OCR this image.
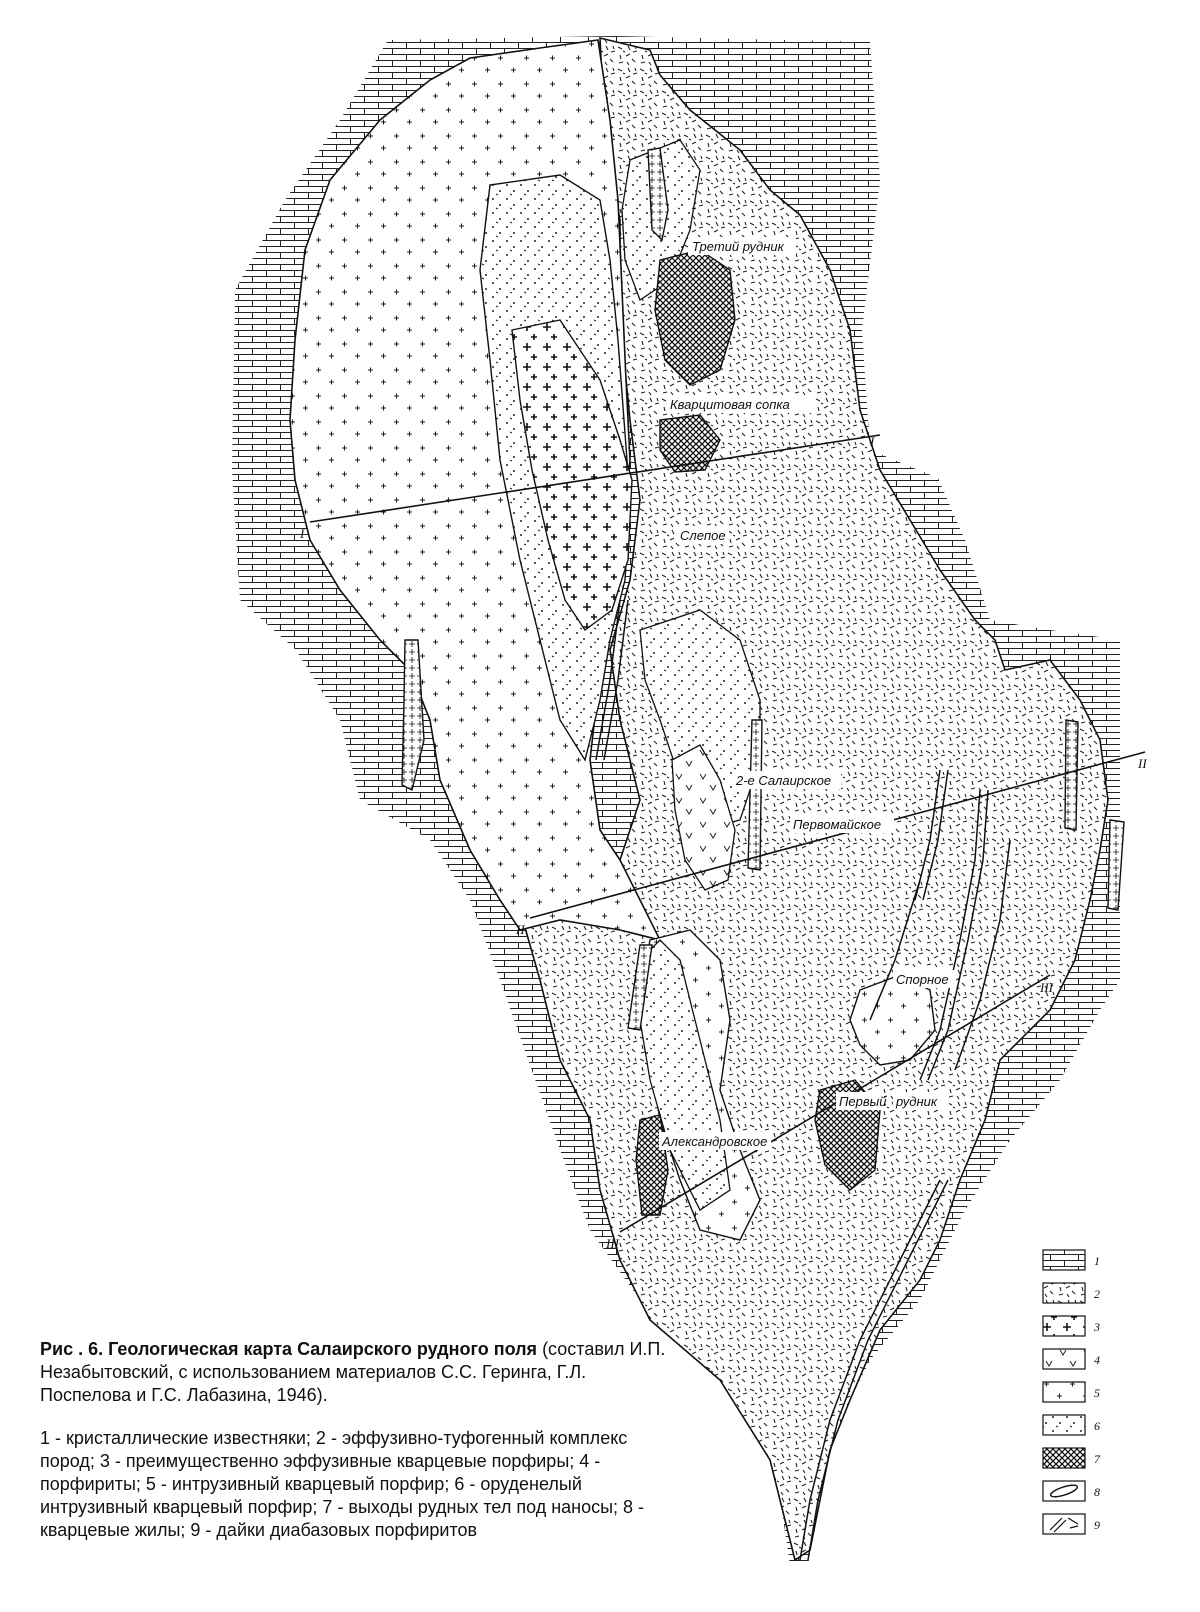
I
I
II
II
III
III
Третий рудник
Кварцитовая сопка
Слепое
2-е Салаирское
Первомайское
Спорное
Первый рудник
Александровское
1
2
3
4
5
6
7
8
9
Рис . 6. Геологическая карта Салаирского рудного поля (составил И.П. Незабытовский, с использованием материалов С.С. Геринга, Г.Л. Поспелова и Г.С. Лабазина, 1946).
1 - кристаллические известняки; 2 - эффузивно-туфогенный комплекс пород; 3 - преимущественно эффузивные кварцевые порфиры; 4 - порфириты; 5 - интрузивный кварцевый порфир; 6 - оруденелый интрузивный кварцевый порфир; 7 - выходы рудных тел под наносы; 8 - кварцевые жилы; 9 - дайки диабазовых порфиритов
